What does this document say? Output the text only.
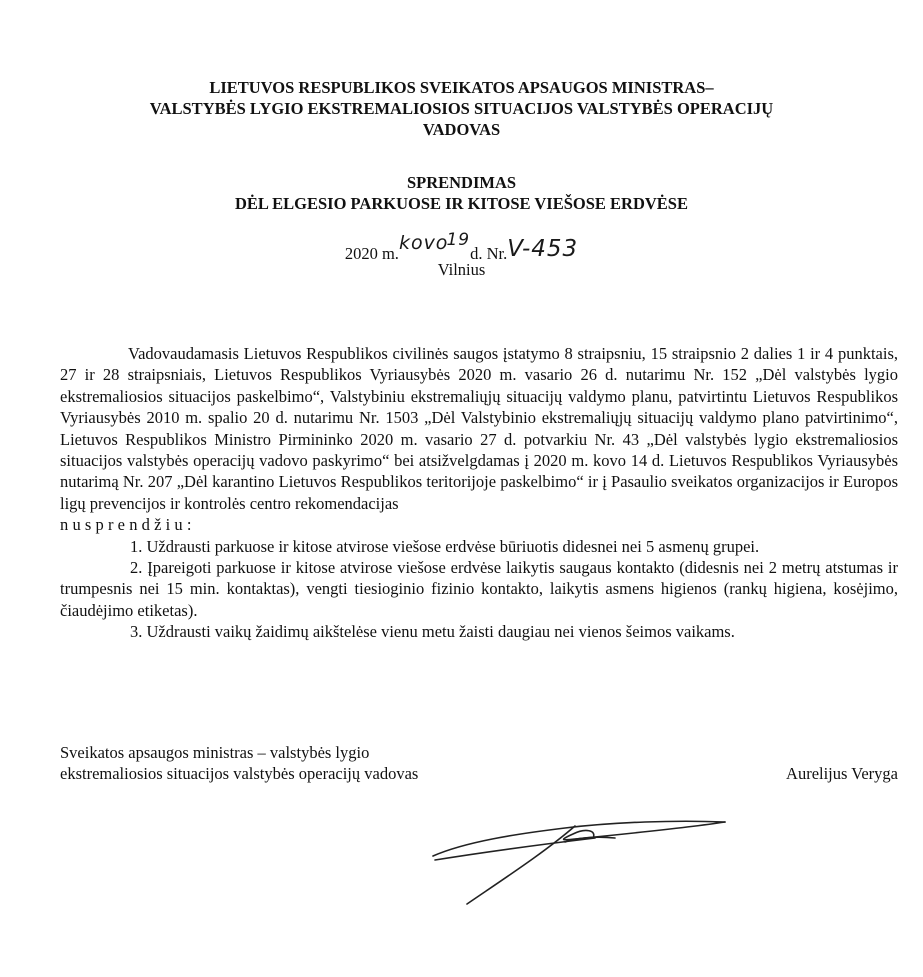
LIETUVOS RESPUBLIKOS SVEIKATOS APSAUGOS MINISTRAS–
VALSTYBĖS LYGIO EKSTREMALIOSIOS SITUACIJOS VALSTYBĖS OPERACIJŲ
VADOVAS
SPRENDIMAS
DĖL ELGESIO PARKUOSE IR KITOSE VIEŠOSE ERDVĖSE
2020 m.kovo19d. Nr.V-453
Vilnius

Vadovaudamasis Lietuvos Respublikos civilinės saugos įstatymo 8 straipsniu, 15 straipsnio 2 dalies 1 ir 4 punktais, 27 ir 28 straipsniais, Lietuvos Respublikos Vyriausybės 2020 m. vasario 26 d. nutarimu Nr. 152 „Dėl valstybės lygio ekstremaliosios situacijos paskelbimo“, Valstybiniu ekstremaliųjų situacijų valdymo planu, patvirtintu Lietuvos Respublikos Vyriausybės 2010 m. spalio 20 d. nutarimu Nr. 1503 „Dėl Valstybinio ekstremaliųjų situacijų valdymo plano patvirtinimo“, Lietuvos Respublikos Ministro Pirmininko 2020 m. vasario 27 d. potvarkiu Nr. 43 „Dėl valstybės lygio ekstremaliosios situacijos valstybės operacijų vadovo paskyrimo“ bei atsižvelgdamas į 2020 m. kovo 14 d. Lietuvos Respublikos Vyriausybės nutarimą Nr. 207 „Dėl karantino Lietuvos Respublikos teritorijoje paskelbimo“ ir į Pasaulio sveikatos organizacijos ir Europos ligų prevencijos ir kontrolės centro rekomendacijas

nusprendžiu:

1. Uždrausti parkuose ir kitose atvirose viešose erdvėse būriuotis didesnei nei 5 asmenų grupei.

2. Įpareigoti parkuose ir kitose atvirose viešose erdvėse laikytis saugaus kontakto (didesnis nei 2 metrų atstumas ir trumpesnis nei 15 min. kontaktas), vengti tiesioginio fizinio kontakto, laikytis asmens higienos (rankų higiena, kosėjimo, čiaudėjimo etiketas).

3. Uždrausti vaikų žaidimų aikštelėse vienu metu žaisti daugiau nei vienos šeimos vaikams.

Sveikatos apsaugos ministras – valstybės lygio
ekstremaliosios situacijos valstybės operacijų vadovas	Aurelijus Veryga
